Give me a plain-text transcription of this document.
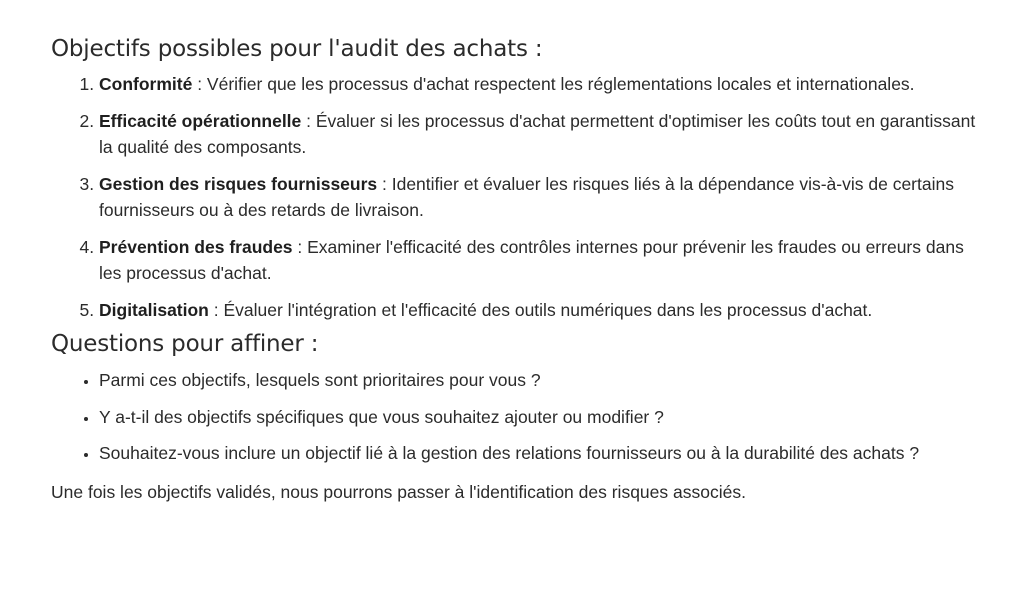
Objectifs possibles pour l'audit des achats :
1. Conformité : Vérifier que les processus d'achat respectent les réglementations locales et internationales.
2. Efficacité opérationnelle : Évaluer si les processus d'achat permettent d'optimiser les coûts tout en garantissant la qualité des composants.
3. Gestion des risques fournisseurs : Identifier et évaluer les risques liés à la dépendance vis-à-vis de certains fournisseurs ou à des retards de livraison.
4. Prévention des fraudes : Examiner l'efficacité des contrôles internes pour prévenir les fraudes ou erreurs dans les processus d'achat.
5. Digitalisation : Évaluer l'intégration et l'efficacité des outils numériques dans les processus d'achat.
Questions pour affiner :
• Parmi ces objectifs, lesquels sont prioritaires pour vous ?
• Y a-t-il des objectifs spécifiques que vous souhaitez ajouter ou modifier ?
• Souhaitez-vous inclure un objectif lié à la gestion des relations fournisseurs ou à la durabilité des achats ?

Une fois les objectifs validés, nous pourrons passer à l'identification des risques associés.
